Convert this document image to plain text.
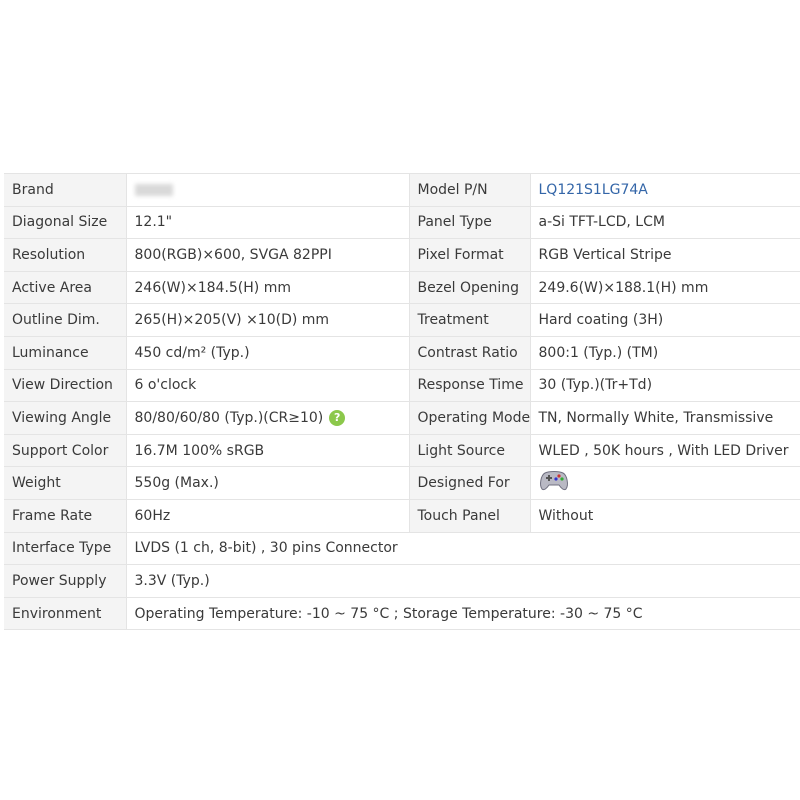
Brand		Model P/N	LQ121S1LG74A
Diagonal Size	12.1"	Panel Type	a-Si TFT-LCD, LCM
Resolution	800(RGB)×600, SVGA 82PPI	Pixel Format	RGB Vertical Stripe
Active Area	246(W)×184.5(H) mm	Bezel Opening	249.6(W)×188.1(H) mm
Outline Dim.	265(H)×205(V) ×10(D) mm	Treatment	Hard coating (3H)
Luminance	450 cd/m² (Typ.)	Contrast Ratio	800:1 (Typ.) (TM)
View Direction	6 o'clock	Response Time	30 (Typ.)(Tr+Td)
Viewing Angle	80/80/60/80 (Typ.)(CR≥10) ?	Operating Mode	TN, Normally White, Transmissive
Support Color	16.7M 100% sRGB	Light Source	WLED , 50K hours , With LED Driver
Weight	550g (Max.)	Designed For	
Frame Rate	60Hz	Touch Panel	Without
Interface Type	LVDS (1 ch, 8-bit) , 30 pins Connector		
Power Supply	3.3V (Typ.)		
Environment	Operating Temperature: -10 ~ 75 °C ; Storage Temperature: -30 ~ 75 °C		
